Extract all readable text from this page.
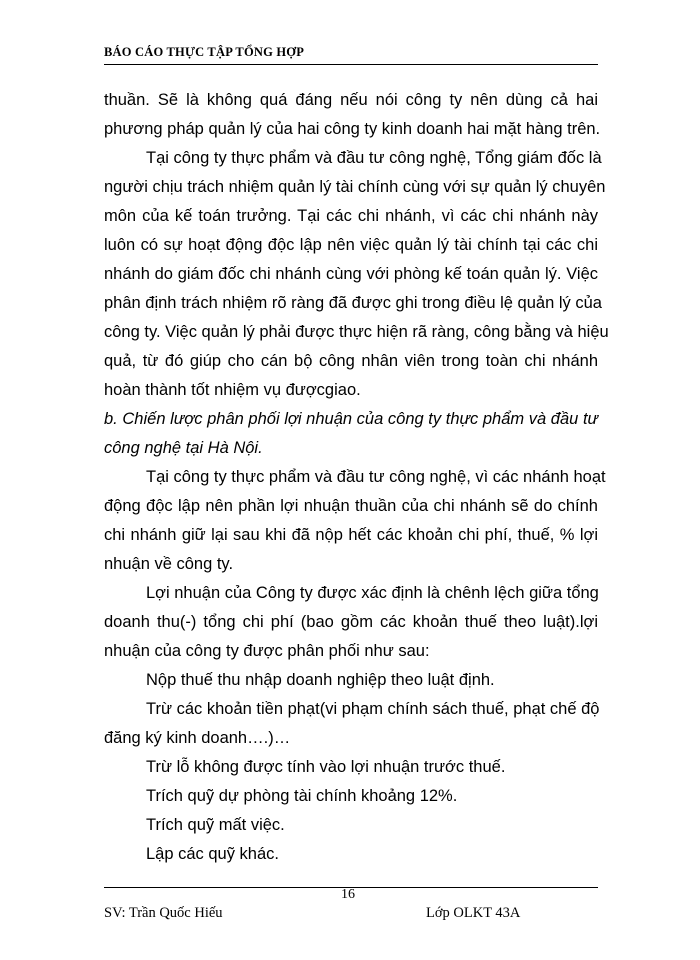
BÁO CÁO THỰC TẬP TỔNG HỢP
thuần. Sẽ là không quá đáng nếu nói công ty nên dùng cả hai
phương pháp quản lý của hai công ty kinh doanh hai mặt hàng trên.
Tại công ty thực phẩm và đầu tư công nghệ, Tổng giám đốc là
người chịu trách nhiệm quản lý tài chính cùng với sự quản lý chuyên
môn của kế toán trưởng. Tại các chi nhánh, vì các chi nhánh này
luôn có sự hoạt động độc lập nên việc quản lý tài chính tại các chi
nhánh do giám đốc chi nhánh cùng với phòng kế toán quản lý. Việc
phân định trách nhiệm rõ ràng đã được ghi trong điều lệ quản lý của
công ty. Việc quản lý phải được thực hiện rã ràng, công bằng và hiệu
quả, từ đó giúp cho cán bộ công nhân viên trong toàn chi nhánh
hoàn thành tốt nhiệm vụ đượcgiao.
b. Chiến lược phân phối lợi nhuận của công ty thực phẩm và đầu tư
công nghệ tại Hà Nội.
Tại công ty thực phẩm và đầu tư công nghệ, vì các nhánh hoạt
động độc lập nên phần lợi nhuận thuần của chi nhánh sẽ do chính
chi nhánh giữ lại sau khi đã nộp hết các khoản chi phí, thuế, % lợi
nhuận về công ty.
Lợi nhuận của Công ty được xác định là chênh lệch giữa tổng
doanh thu(-) tổng chi phí (bao gồm các khoản thuế theo luật).lợi
nhuận của công ty được phân phối như sau:
Nộp thuế thu nhập doanh nghiệp theo luật định.
Trừ các khoản tiền phạt(vi phạm chính sách thuế, phạt chế độ
đăng ký kinh doanh….)…
Trừ lỗ không được tính vào lợi nhuận trước thuế.
Trích quỹ dự phòng tài chính khoảng 12%.
Trích quỹ mất việc.
Lập các quỹ khác.
16
SV: Trần Quốc Hiếu	Lớp OLKT 43A
